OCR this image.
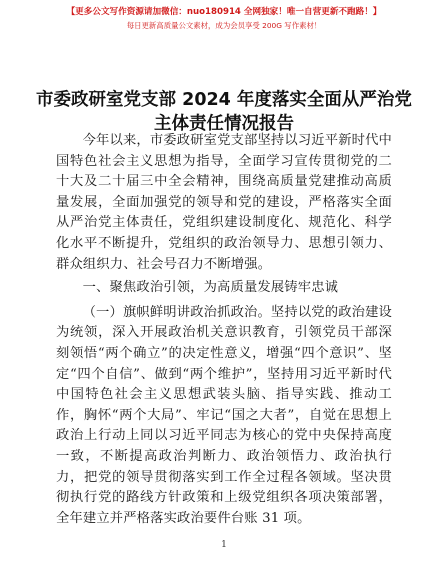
【更多公文写作资源请加微信：nuo180914 全网独家！唯一自营更新不跑路！】
每日更新高质量公文素材，成为会员享受 200G 写作素材！
市委政研室党支部 2024 年度落实全面从严治党
主体责任情况报告

今年以来，市委政研室党支部坚持以习近平新时代中国特色社会主义思想为指导，全面学习宣传贯彻党的二十大及二十届三中全会精神，围绕高质量党建推动高质量发展，全面加强党的领导和党的建设，严格落实全面从严治党主体责任，党组织建设制度化、规范化、科学化水平不断提升，党组织的政治领导力、思想引领力、群众组织力、社会号召力不断增强。

一、聚焦政治引领，为高质量发展铸牢忠诚

（一）旗帜鲜明讲政治抓政治。坚持以党的政治建设为统领，深入开展政治机关意识教育，引领党员干部深刻领悟“两个确立”的决定性意义，增强“四个意识”、坚定“四个自信”、做到“两个维护”，坚持用习近平新时代中国特色社会主义思想武装头脑、指导实践、推动工作，胸怀“两个大局”、牢记“国之大者”，自觉在思想上政治上行动上同以习近平同志为核心的党中央保持高度一致，不断提高政治判断力、政治领悟力、政治执行力，把党的领导贯彻落实到工作全过程各领域。坚决贯彻执行党的路线方针政策和上级党组织各项决策部署，全年建立并严格落实政治要件台账 31 项。

1
